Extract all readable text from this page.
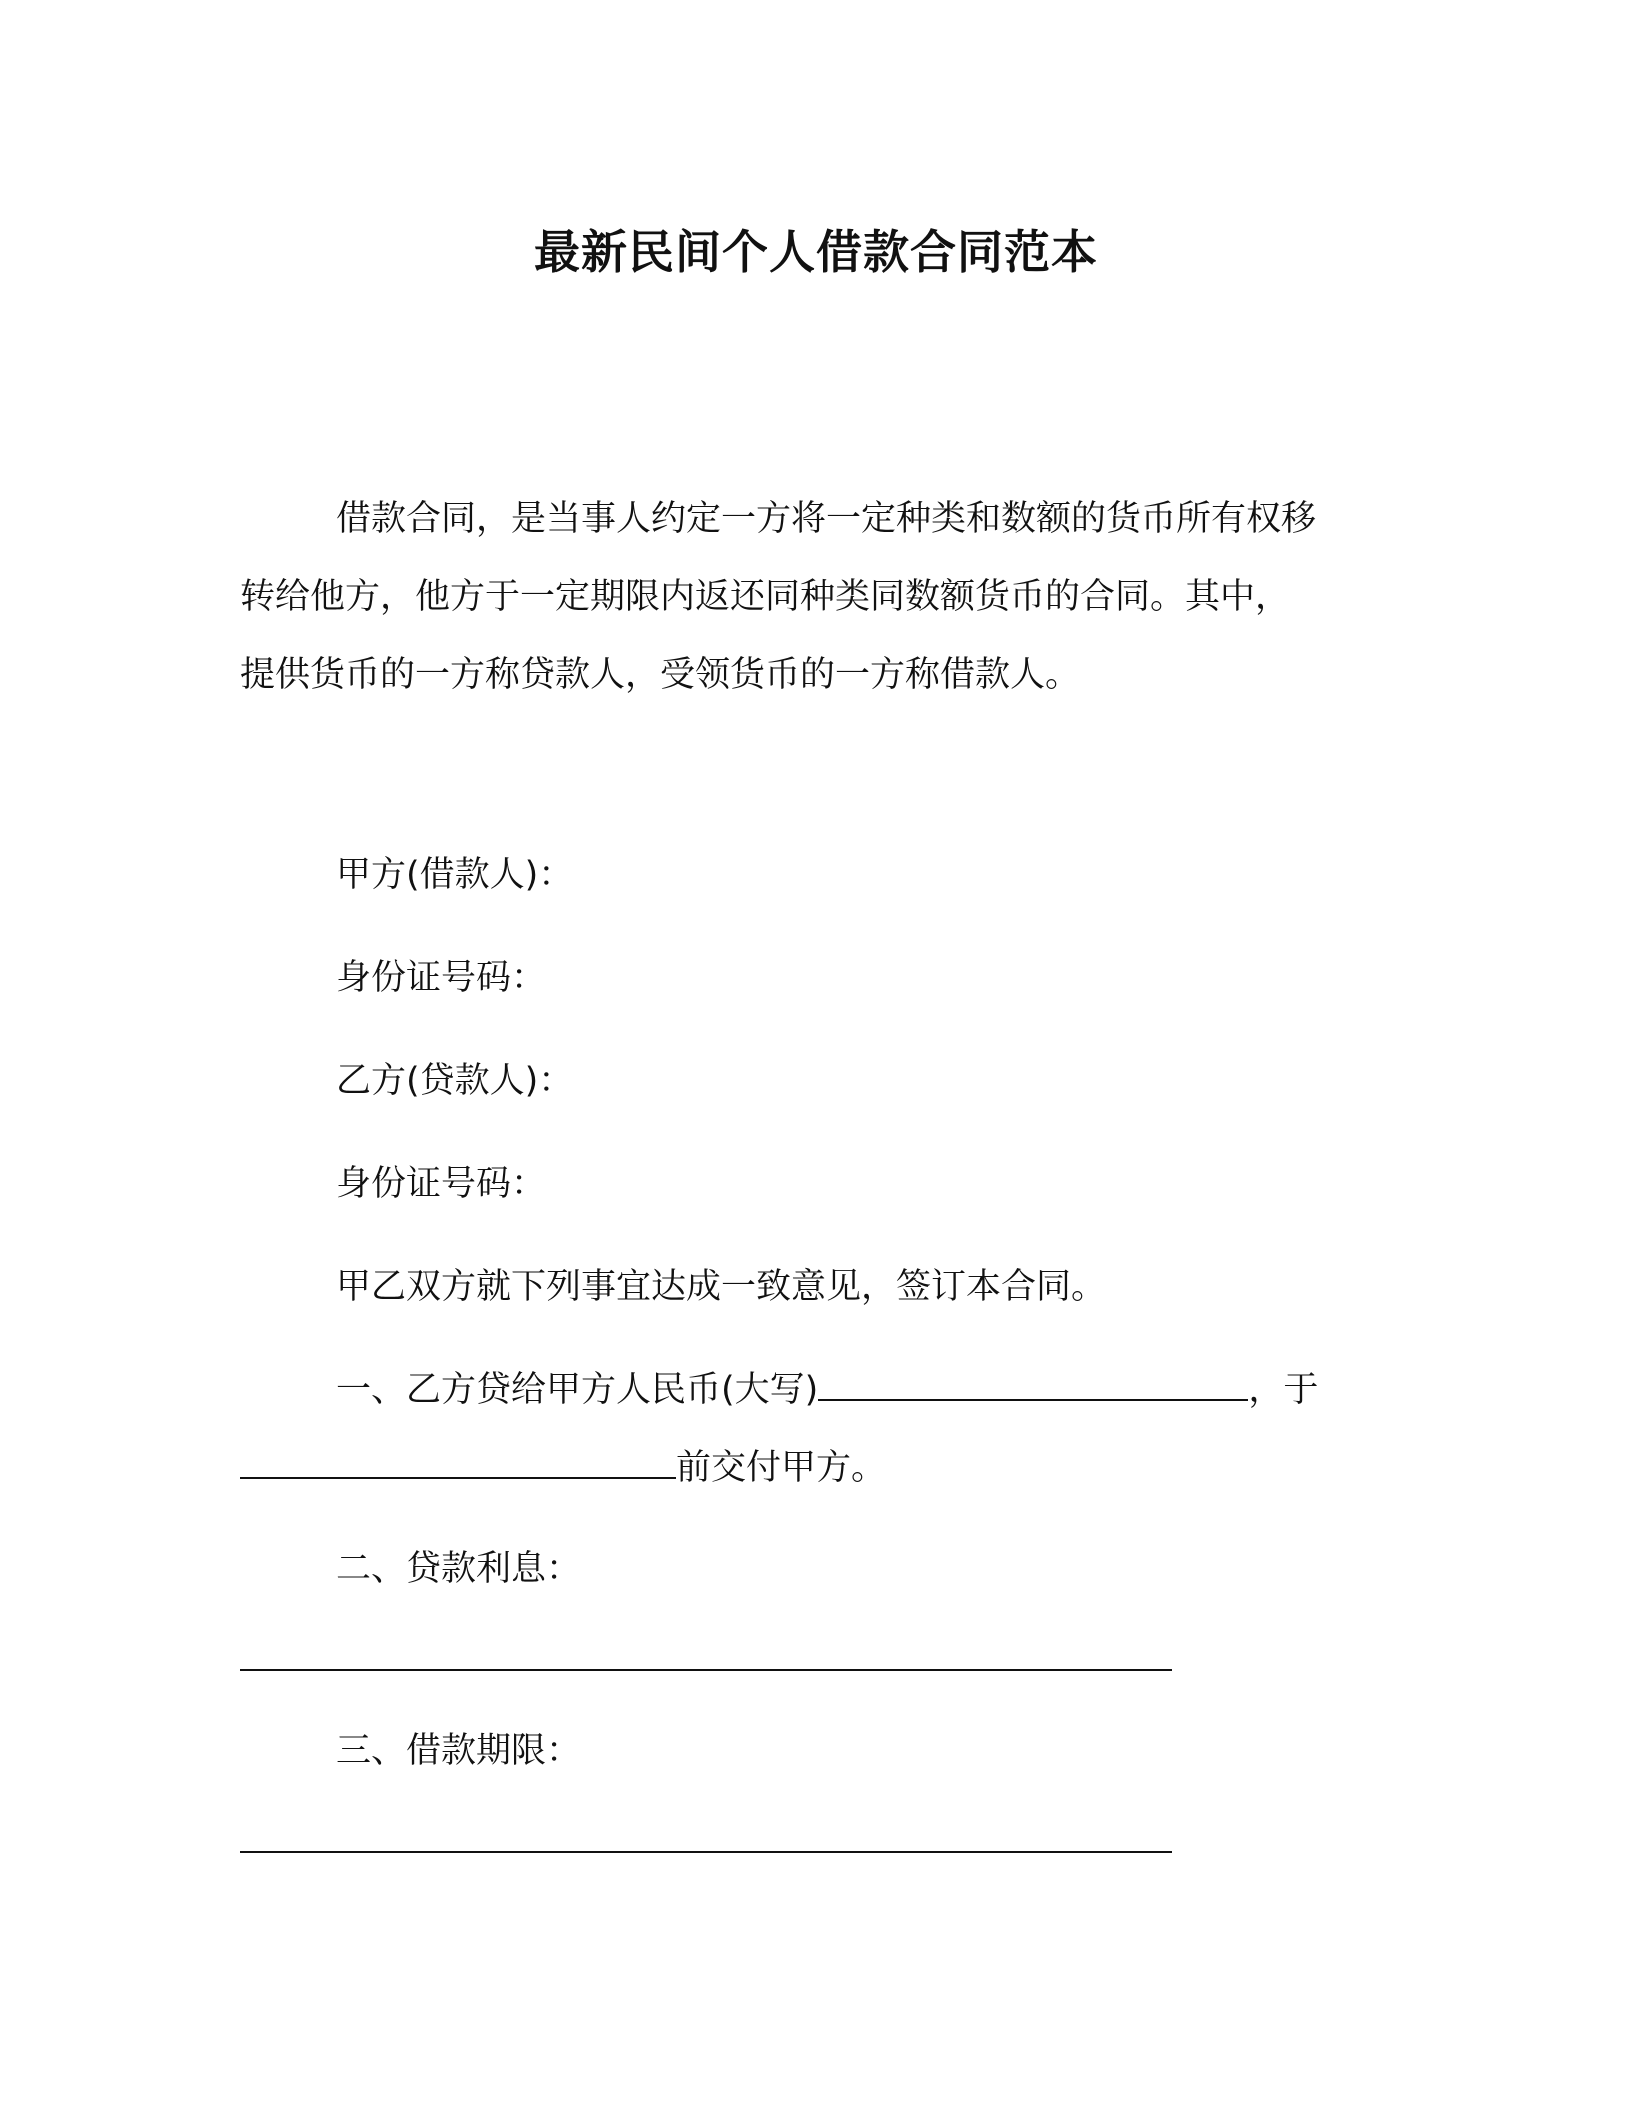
最新民间个人借款合同范本
借款合同，是当事人约定一方将一定种类和数额的货币所有权移
转给他方，他方于一定期限内返还同种类同数额货币的合同。其中，
提供货币的一方称贷款人，受领货币的一方称借款人。
甲方(借款人)：
身份证号码：
乙方(贷款人)：
身份证号码：
甲乙双方就下列事宜达成一致意见，签订本合同。
一、乙方贷给甲方人民币(大写)	，于
前交付甲方。
二、贷款利息：
三、借款期限：
